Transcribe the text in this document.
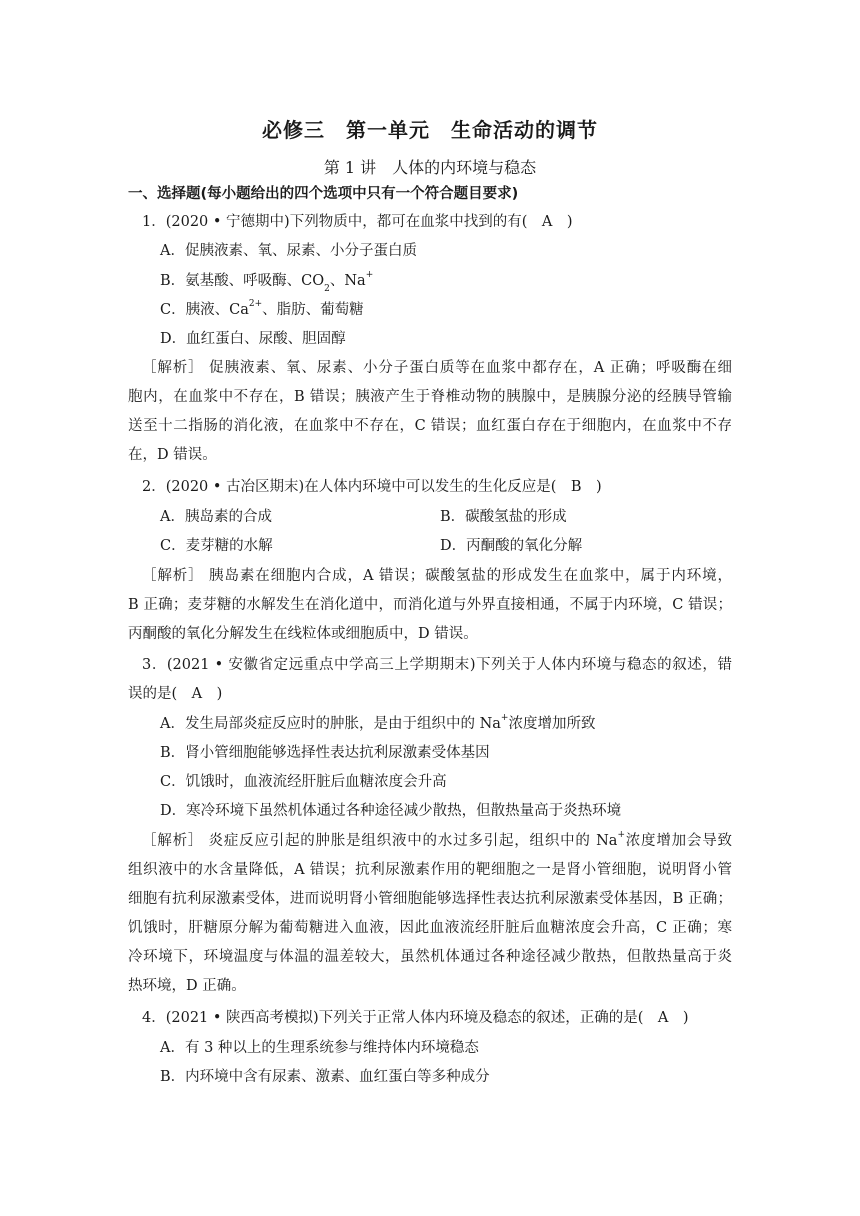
必修三　第一单元　生命活动的调节
第 1 讲　人体的内环境与稳态
一、选择题(每小题给出的四个选项中只有一个符合题目要求)
1．(2020 • 宁德期中)下列物质中，都可在血浆中找到的有(　A　)
A．促胰液素、氧、尿素、小分子蛋白质
B．氨基酸、呼吸酶、$CO_2$、Na+
C．胰液、$Ca^{2+}$、脂肪、葡萄糖
D．血红蛋白、尿酸、胆固醇
［解析］ 促胰液素、氧、尿素、小分子蛋白质等在血浆中都存在，A 正确；呼吸酶在细
胞内，在血浆中不存在，B 错误；胰液产生于脊椎动物的胰腺中，是胰腺分泌的经胰导管输
送至十二指肠的消化液，在血浆中不存在，C 错误；血红蛋白存在于细胞内，在血浆中不存
在，D 错误。
2．(2020 • 古冶区期末)在人体内环境中可以发生的生化反应是(　B　)
A．胰岛素的合成	B．碳酸氢盐的形成
C．麦芽糖的水解	D．丙酮酸的氧化分解
［解析］ 胰岛素在细胞内合成，A 错误；碳酸氢盐的形成发生在血浆中，属于内环境，
B 正确；麦芽糖的水解发生在消化道中，而消化道与外界直接相通，不属于内环境，C 错误；
丙酮酸的氧化分解发生在线粒体或细胞质中，D 错误。
3．(2021 • 安徽省定远重点中学高三上学期期末)下列关于人体内环境与稳态的叙述，错
误的是(　A　)
A．发生局部炎症反应时的肿胀，是由于组织中的 Na+浓度增加所致
B．肾小管细胞能够选择性表达抗利尿激素受体基因
C．饥饿时，血液流经肝脏后血糖浓度会升高
D．寒冷环境下虽然机体通过各种途径减少散热，但散热量高于炎热环境
［解析］ 炎症反应引起的肿胀是组织液中的水过多引起，组织中的 Na+浓度增加会导致
组织液中的水含量降低，A 错误；抗利尿激素作用的靶细胞之一是肾小管细胞，说明肾小管
细胞有抗利尿激素受体，进而说明肾小管细胞能够选择性表达抗利尿激素受体基因，B 正确；
饥饿时，肝糖原分解为葡萄糖进入血液，因此血液流经肝脏后血糖浓度会升高，C 正确；寒
冷环境下，环境温度与体温的温差较大，虽然机体通过各种途径减少散热，但散热量高于炎
热环境，D 正确。
4．(2021 • 陕西高考模拟)下列关于正常人体内环境及稳态的叙述，正确的是(　A　)
A．有 3 种以上的生理系统参与维持体内环境稳态
B．内环境中含有尿素、激素、血红蛋白等多种成分
